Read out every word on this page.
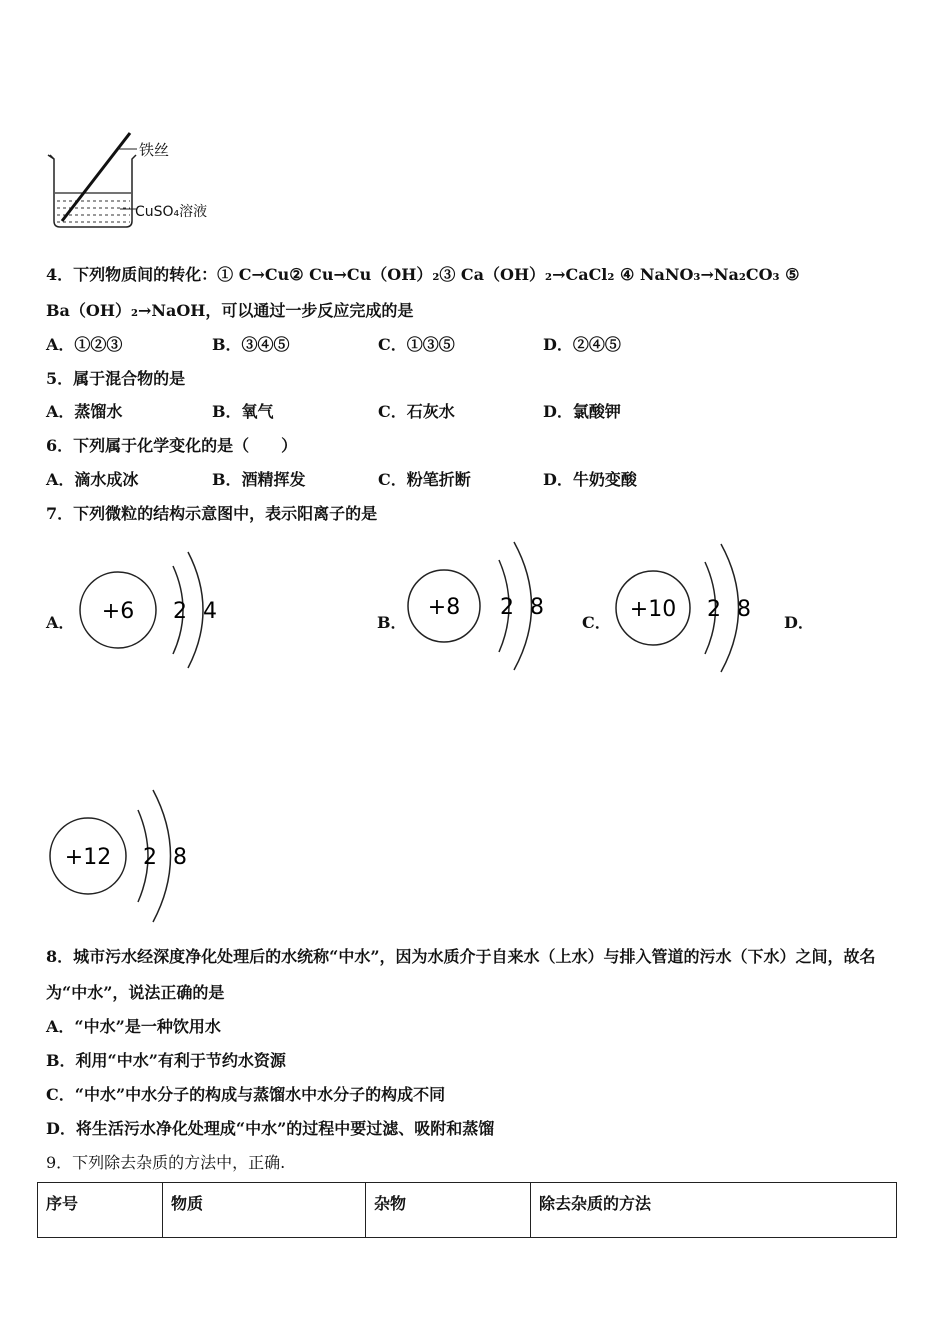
铁丝
CuSO₄溶液
4．下列物质间的转化：① C→Cu② Cu→Cu（OH）₂③ Ca（OH）₂→CaCl₂ ④ NaNO₃→Na₂CO₃ ⑤
Ba（OH）₂→NaOH，可以通过一步反应完成的是
A．①②③	B．③④⑤	C．①③⑤	D．②④⑤
5．属于混合物的是
A．蒸馏水	B．氧气	C．石灰水	D．氯酸钾
6．下列属于化学变化的是（　　）
A．滴水成冰	B．酒精挥发	C．粉笔折断	D．牛奶变酸
7．下列微粒的结构示意图中，表示阳离子的是
A． +6 2 4	B．
+8 2 8
C．
+10 2 8
D．
+12 2 8
8．城市污水经深度净化处理后的水统称“中水”，因为水质介于自来水（上水）与排入管道的污水（下水）之间，故名
为“中水”，说法正确的是
A．“中水”是一种饮用水
B．利用“中水”有利于节约水资源
C．“中水”中水分子的构成与蒸馏水中水分子的构成不同
D．将生活污水净化处理成“中水”的过程中要过滤、吸附和蒸馏
9．下列除去杂质的方法中，正确.
序号	物质	杂物	除去杂质的方法
